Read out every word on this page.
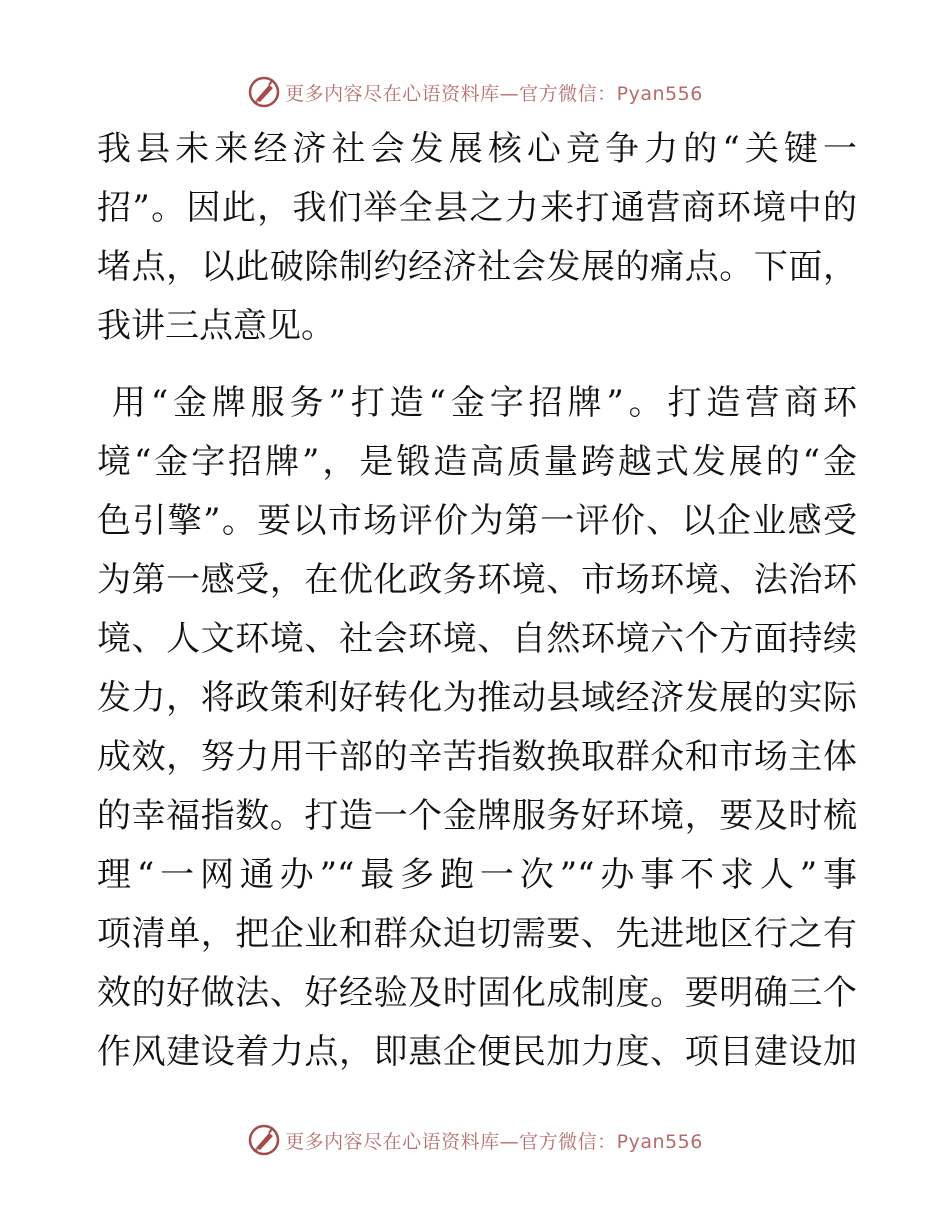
更多内容尽在心语资料库—官方微信：Pyan556
我县未来经济社会发展核心竞争力的“关键一
招”。因此，我们举全县之力来打通营商环境中的
堵点，以此破除制约经济社会发展的痛点。下面，
我讲三点意见。
用“金牌服务”打造“金字招牌”。打造营商环
境“金字招牌”，是锻造高质量跨越式发展的“金
色引擎”。要以市场评价为第一评价、以企业感受
为第一感受，在优化政务环境、市场环境、法治环
境、人文环境、社会环境、自然环境六个方面持续
发力，将政策利好转化为推动县域经济发展的实际
成效，努力用干部的辛苦指数换取群众和市场主体
的幸福指数。打造一个金牌服务好环境，要及时梳
理“一网通办”“最多跑一次”“办事不求人”事
项清单，把企业和群众迫切需要、先进地区行之有
效的好做法、好经验及时固化成制度。要明确三个
作风建设着力点，即惠企便民加力度、项目建设加
更多内容尽在心语资料库—官方微信：Pyan556
